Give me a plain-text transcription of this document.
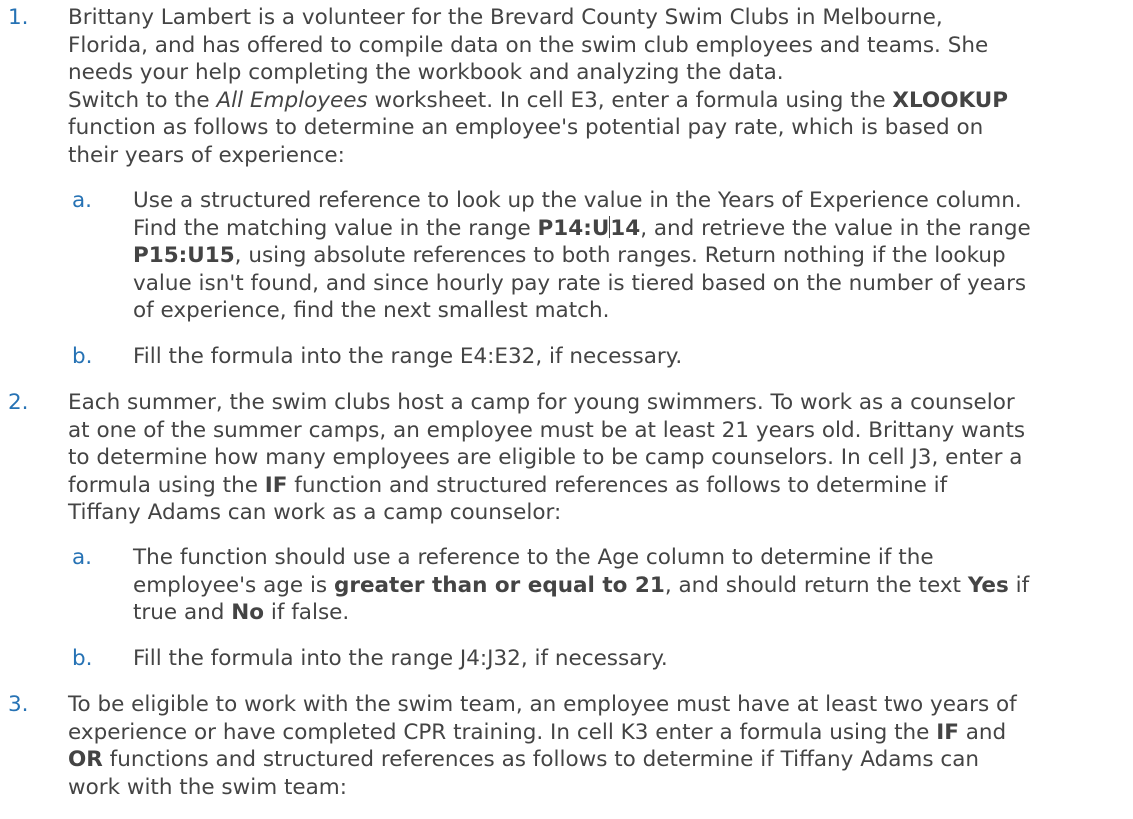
1. Brittany Lambert is a volunteer for the Brevard County Swim Clubs in Melbourne,
Florida, and has offered to compile data on the swim club employees and teams. She
needs your help completing the workbook and analyzing the data.
Switch to the All Employees worksheet. In cell E3, enter a formula using the XLOOKUP
function as follows to determine an employee's potential pay rate, which is based on
their years of experience:
a. Use a structured reference to look up the value in the Years of Experience column.
Find the matching value in the range P14:U14, and retrieve the value in the range
P15:U15, using absolute references to both ranges. Return nothing if the lookup
value isn't found, and since hourly pay rate is tiered based on the number of years
of experience, find the next smallest match.
b. Fill the formula into the range E4:E32, if necessary.
2. Each summer, the swim clubs host a camp for young swimmers. To work as a counselor
at one of the summer camps, an employee must be at least 21 years old. Brittany wants
to determine how many employees are eligible to be camp counselors. In cell J3, enter a
formula using the IF function and structured references as follows to determine if
Tiffany Adams can work as a camp counselor:
a. The function should use a reference to the Age column to determine if the
employee's age is greater than or equal to 21, and should return the text Yes if
true and No if false.
b. Fill the formula into the range J4:J32, if necessary.
3. To be eligible to work with the swim team, an employee must have at least two years of
experience or have completed CPR training. In cell K3 enter a formula using the IF and
OR functions and structured references as follows to determine if Tiffany Adams can
work with the swim team:
